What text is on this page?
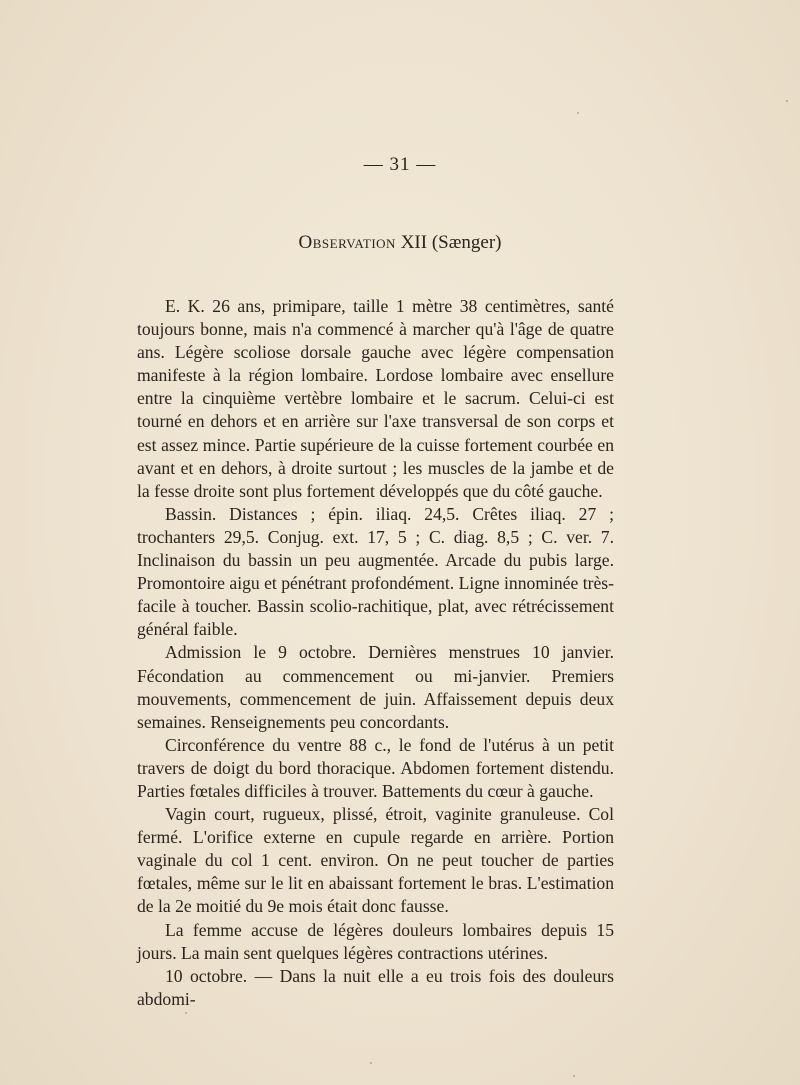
— 31 —
Observation XII (Sænger)

E. K. 26 ans, primipare, taille 1 mètre 38 centimètres, santé toujours bonne, mais n'a commencé à marcher qu'à l'âge de quatre ans. Légère scoliose dorsale gauche avec légère compensation manifeste à la région lombaire. Lordose lombaire avec ensellure entre la cinquième vertèbre lombaire et le sacrum. Celui-ci est tourné en dehors et en arrière sur l'axe transversal de son corps et est assez mince. Partie supérieure de la cuisse fortement courbée en avant et en dehors, à droite surtout ; les muscles de la jambe et de la fesse droite sont plus fortement développés que du côté gauche.

Bassin. Distances ; épin. iliaq. 24,5. Crêtes iliaq. 27 ; trochanters 29,5. Conjug. ext. 17, 5 ; C. diag. 8,5 ; C. ver. 7. Inclinaison du bassin un peu augmentée. Arcade du pubis large. Promontoire aigu et pénétrant profondément. Ligne innominée très-facile à toucher. Bassin scolio-rachitique, plat, avec rétrécissement général faible.

Admission le 9 octobre. Dernières menstrues 10 janvier. Fécondation au commencement ou mi-janvier. Premiers mouvements, commencement de juin. Affaissement depuis deux semaines. Renseignements peu concordants.

Circonférence du ventre 88 c., le fond de l'utérus à un petit travers de doigt du bord thoracique. Abdomen fortement distendu. Parties fœtales difficiles à trouver. Battements du cœur à gauche.

Vagin court, rugueux, plissé, étroit, vaginite granuleuse. Col fermé. L'orifice externe en cupule regarde en arrière. Portion vaginale du col 1 cent. environ. On ne peut toucher de parties fœtales, même sur le lit en abaissant fortement le bras. L'estimation de la 2e moitié du 9e mois était donc fausse.

La femme accuse de légères douleurs lombaires depuis 15 jours. La main sent quelques légères contractions utérines.

10 octobre. — Dans la nuit elle a eu trois fois des douleurs abdomi-
